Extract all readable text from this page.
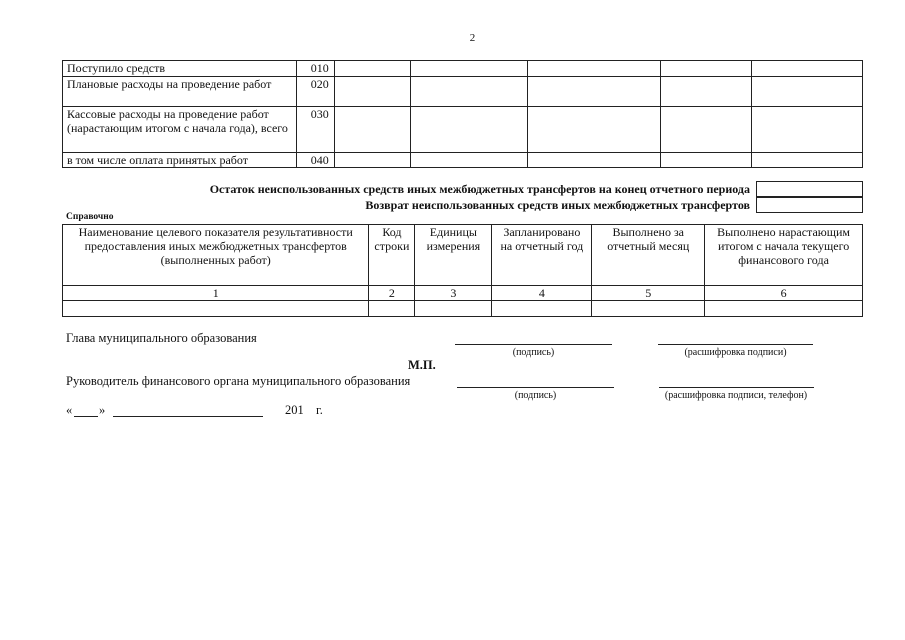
2
Поступило средств	010					
Плановые расходы на проведение работ	020					
Кассовые расходы на проведение работ (нарастающим итогом с начала года), всего	030					
в том числе оплата принятых работ	040					
Остаток неиспользованных средств иных межбюджетных трансфертов на конец отчетного периода
Возврат неиспользованных средств иных межбюджетных трансфертов
Справочно
Наименование целевого показателя результативности предоставления иных межбюджетных трансфертов (выполненных работ)	Код строки	Единицы измерения	Запланировано на отчетный год	Выполнено за отчетный месяц	Выполнено нарастающим итогом с начала текущего финансового года
1	2	3	4	5	6

Глава муниципального образования
(подпись)	(расшифровка подписи)
М.П.
Руководитель финансового органа муниципального образования
(подпись)	(расшифровка подписи, телефон)
« »	201 г.
